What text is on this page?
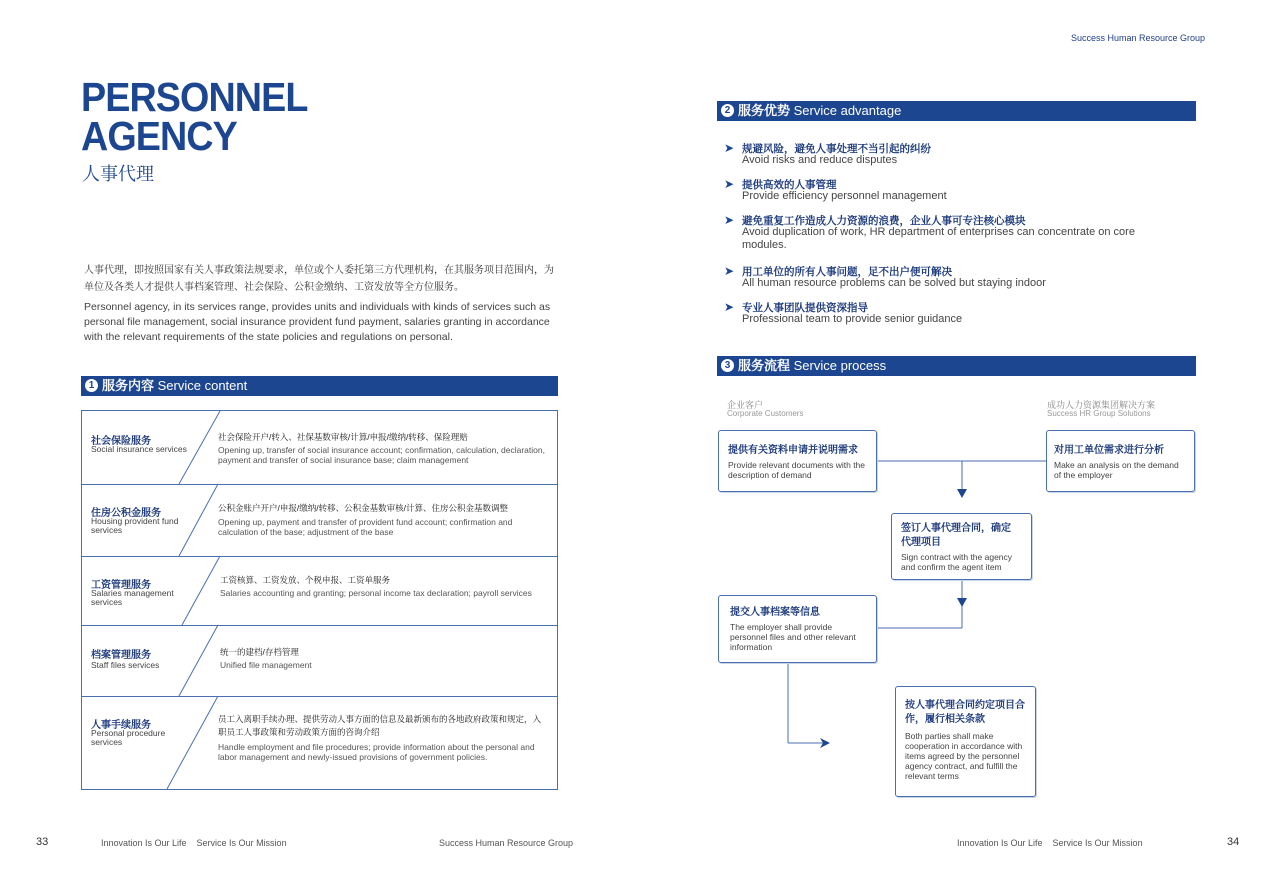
Success Human Resource Group
PERSONNEL
AGENCY
人事代理
人事代理，即按照国家有关人事政策法规要求，单位或个人委托第三方代理机构，在其服务项目范围内，为单位及各类人才提供人事档案管理、社会保险、公积金缴纳、工资发放等全方位服务。
Personnel agency, in its services range, provides units and individuals with kinds of services such as personal file management, social insurance provident fund payment, salaries granting in accordance with the relevant requirements of the state policies and regulations on personal.
1 服务内容 Service content
社会保险服务
Social insurance services
社会保险开户/转入、社保基数审核/计算/申报/缴纳/转移、保险理赔
Opening up, transfer of social insurance account; confirmation, calculation, declaration, payment and transfer of social insurance base; claim management
住房公积金服务
Housing provident fund services
公积金账户开户/申报/缴纳/转移、公积金基数审核/计算、住房公积金基数调整
Opening up, payment and transfer of provident fund account; confirmation and calculation of the base; adjustment of the base
工资管理服务
Salaries management services
工资核算、工资发放、个税申报、工资单服务
Salaries accounting and granting; personal income tax declaration; payroll services
档案管理服务
Staff files services
统一的建档/存档管理
Unified file management
人事手续服务
Personal procedure services
员工入离职手续办理、提供劳动人事方面的信息及最新颁布的各地政府政策和规定，入职员工人事政策和劳动政策方面的咨询介绍
Handle employment and file procedures; provide information about the personal and labor management and newly-issued provisions of government policies.
33	Innovation Is Our Life    Service Is Our Mission	Success Human Resource Group
2 服务优势 Service advantage
➤ 规避风险，避免人事处理不当引起的纠纷
Avoid risks and reduce disputes
➤ 提供高效的人事管理
Provide efficiency personnel management
➤ 避免重复工作造成人力资源的浪费，企业人事可专注核心模块
Avoid duplication of work, HR department of enterprises can concentrate on core modules.
➤ 用工单位的所有人事问题，足不出户便可解决
All human resource problems can be solved but staying indoor
➤ 专业人事团队提供资深指导
Professional team to provide senior guidance
3 服务流程 Service process
企业客户
Corporate Customers
成功人力资源集团解决方案
Success HR Group Solutions
提供有关资料申请并说明需求
Provide relevant documents with the description of demand
对用工单位需求进行分析
Make an analysis on the demand of the employer
签订人事代理合同，确定代理项目
Sign contract with the agency and confirm the agent item
提交人事档案等信息
The employer shall provide personnel files and other relevant information
按人事代理合同约定项目合作，履行相关条款
Both parties shall make cooperation in accordance with items agreed by the personnel agency contract, and fulfill the relevant terms
Innovation Is Our Life    Service Is Our Mission	34
